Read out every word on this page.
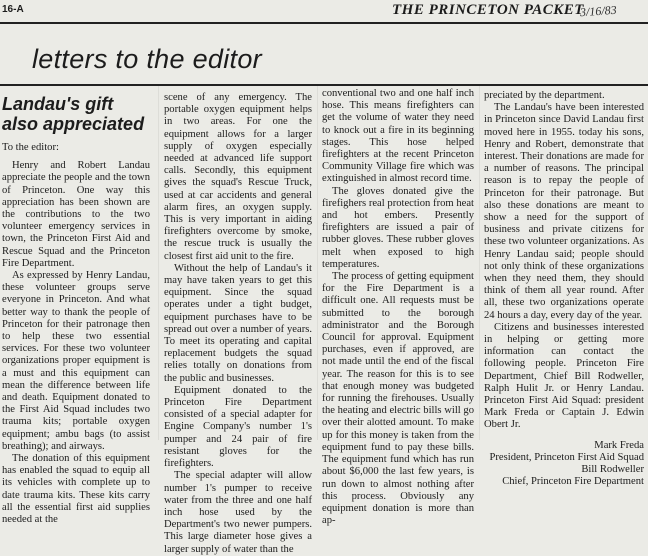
16-A	THE PRINCETON PACKET
3/16/83
letters to the editor
Landau's gift also appreciated

To the editor:

Henry and Robert Landau appreciate the people and the town of Princeton. One way this appreciation has been shown are the contributions to the two volunteer emergency services in town, the Princeton First Aid and Rescue Squad and the Princeton Fire Department.

As expressed by Henry Landau, these volunteer groups serve everyone in Princeton. And what better way to thank the people of Princeton for their patronage then to help these two essential services. For these two volunteer organizations proper equipment is a must and this equipment can mean the difference between life and death. Equipment donated to the First Aid Squad includes two trauma kits; portable oxygen equipment; ambu bags (to assist breathing); and airways.

The donation of this equipment has enabled the squad to equip all its vehicles with complete up to date trauma kits. These kits carry all the essential first aid supplies needed at the

scene of any emergency. The portable oxygen equipment helps in two areas. For one the equipment allows for a larger supply of oxygen especially needed at advanced life support calls. Secondly, this equipment gives the squad's Rescue Truck, used at car accidents and general alarm fires, an oxygen supply. This is very important in aiding firefighters overcome by smoke, the rescue truck is usually the closest first aid unit to the fire.

Without the help of Landau's it may have taken years to get this equipment. Since the squad operates under a tight budget, equipment purchases have to be spread out over a number of years. To meet its operating and capital replacement budgets the squad relies totally on donations from the public and businesses.

Equipment donated to the Princeton Fire Department consisted of a special adapter for Engine Company's number 1's pumper and 24 pair of fire resistant gloves for the firefighters.

The special adapter will allow number 1's pumper to receive water from the three and one half inch hose used by the Department's two newer pumpers. This large diameter hose gives a larger supply of water than the

conventional two and one half inch hose. This means firefighters can get the volume of water they need to knock out a fire in its beginning stages. This hose helped firefighters at the recent Princeton Community Village fire which was extinguished in almost record time.

The gloves donated give the firefighers real protection from heat and hot embers. Presently firefighters are issued a pair of rubber gloves. These rubber gloves melt when exposed to high temperatures.

The process of getting equipment for the Fire Department is a difficult one. All requests must be submitted to the borough administrator and the Borough Council for approval. Equipment purchases, even if approved, are not made until the end of the fiscal year. The reason for this is to see that enough money was budgeted for running the firehouses. Usually the heating and electric bills will go over their alotted amount. To make up for this money is taken from the equipment fund to pay these bills. The equipment fund which has run about $6,000 the last few years, is run down to almost nothing after this process. Obviously any equipment donation is more than ap-

preciated by the department.

The Landau's have been interested in Princeton since David Landau first moved here in 1955. today his sons, Henry and Robert, demonstrate that interest. Their donations are made for a number of reasons. The principal reason is to repay the people of Princeton for their patronage. But also these donations are meant to show a need for the support of business and private citizens for these two volunteer organizations. As Henry Landau said; people should not only think of these organizations when they need them, they should think of them all year round. After all, these two organizations operate 24 hours a day, every day of the year.

Citizens and businesses interested in helping or getting more information can contact the following people. Princeton Fire Department, Chief Bill Rodweller, Ralph Hulit Jr. or Henry Landau. Princeton First Aid Squad: president Mark Freda or Captain J. Edwin Obert Jr.

Mark Freda

President, Princeton First Aid Squad

Bill Rodweller

Chief, Princeton Fire Department
